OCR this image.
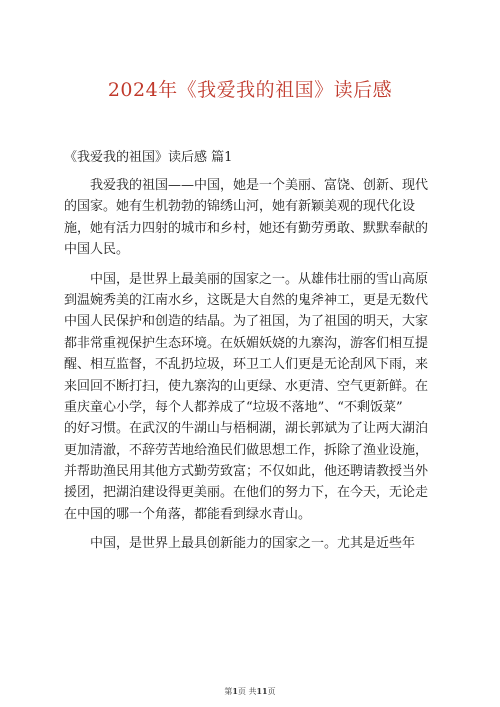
2024年《我爱我的祖国》读后感
《我爱我的祖国》读后感 篇1
我爱我的祖国——中国，她是一个美丽、富饶、创新、现代
的国家。她有生机勃勃的锦绣山河，她有新颖美观的现代化设
施，她有活力四射的城市和乡村，她还有勤劳勇敢、默默奉献的
中国人民。
中国，是世界上最美丽的国家之一。从雄伟壮丽的雪山高原
到温婉秀美的江南水乡，这既是大自然的鬼斧神工，更是无数代
中国人民保护和创造的结晶。为了祖国，为了祖国的明天，大家
都非常重视保护生态环境。在妖媚妖娆的九寨沟，游客们相互提
醒、相互监督，不乱扔垃圾，环卫工人们更是无论刮风下雨，来
来回回不断打扫，使九寨沟的山更绿、水更清、空气更新鲜。在
重庆童心小学，每个人都养成了“垃圾不落地”、“不剩饭菜”
的好习惯。在武汉的牛湖山与梧桐湖，湖长郭斌为了让两大湖泊
更加清澈，不辞劳苦地给渔民们做思想工作，拆除了渔业设施，
并帮助渔民用其他方式勤劳致富；不仅如此，他还聘请教授当外
援团，把湖泊建设得更美丽。在他们的努力下，在今天，无论走
在中国的哪一个角落，都能看到绿水青山。
中国，是世界上最具创新能力的国家之一。尤其是近些年
第1页 共11页
